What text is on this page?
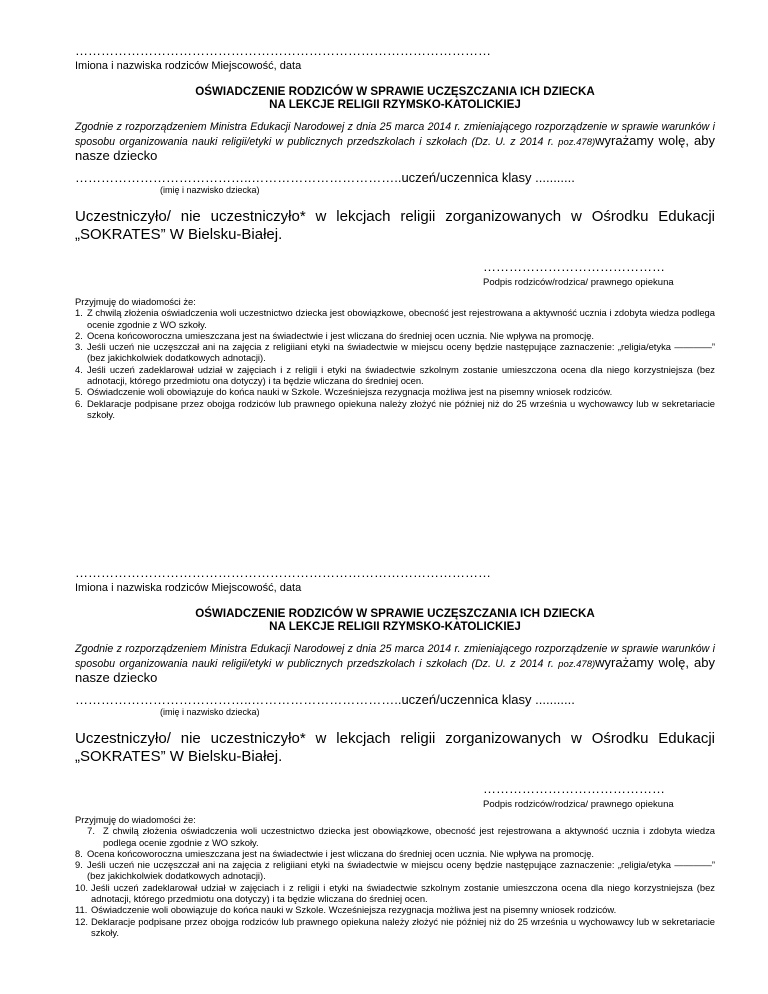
……………………………………………………………………………………
Imiona i nazwiska rodziców Miejscowość, data
OŚWIADCZENIE RODZICÓW W SPRAWIE UCZĘSZCZANIA ICH DZIECKA
NA LEKCJE RELIGII RZYMSKO-KATOLICKIEJ
Zgodnie z rozporządzeniem Ministra Edukacji Narodowej z dnia 25 marca 2014 r. zmieniającego rozporządzenie w sprawie warunków i sposobu organizowania nauki religii/etyki w publicznych przedszkolach i szkołach (Dz. U. z 2014 r. poz.478)wyrażamy wolę, aby nasze dziecko
…………………………………..……………………………..uczeń/uczennica klasy ...........
(imię i nazwisko dziecka)
Uczestniczyło/ nie uczestniczyło* w lekcjach religii zorganizowanych w Ośrodku Edukacji „SOKRATES” W Bielsku-Białej.
……………………………………
Podpis rodziców/rodzica/ prawnego opiekuna
Przyjmuję do wiadomości że:
1. Z chwilą złożenia oświadczenia woli uczestnictwo dziecka jest obowiązkowe, obecność jest rejestrowana a aktywność ucznia i zdobyta wiedza podlega ocenie zgodnie z WO szkoły.
2. Ocena końcoworoczna umieszczana jest na świadectwie i jest wliczana do średniej ocen ucznia. Nie wpływa na promocję.
3. Jeśli uczeń nie uczęszczał ani na zajęcia z religiiani etyki na świadectwie w miejscu oceny będzie następujące zaznaczenie: „religia/etyka ————” (bez jakichkolwiek dodatkowych adnotacji).
4. Jeśli uczeń zadeklarował udział w zajęciach i z religii i etyki na świadectwie szkolnym zostanie umieszczona ocena dla niego korzystniejsza (bez adnotacji, którego przedmiotu ona dotyczy) i ta będzie wliczana do średniej ocen.
5. Oświadczenie woli obowiązuje do końca nauki w Szkole. Wcześniejsza rezygnacja możliwa jest na pisemny wniosek rodziców.
6. Deklaracje podpisane przez obojga rodziców lub prawnego opiekuna należy złożyć nie później niż do 25 września u wychowawcy lub w sekretariacie szkoły.
……………………………………………………………………………………
Imiona i nazwiska rodziców Miejscowość, data
OŚWIADCZENIE RODZICÓW W SPRAWIE UCZĘSZCZANIA ICH DZIECKA
NA LEKCJE RELIGII RZYMSKO-KATOLICKIEJ
Zgodnie z rozporządzeniem Ministra Edukacji Narodowej z dnia 25 marca 2014 r. zmieniającego rozporządzenie w sprawie warunków i sposobu organizowania nauki religii/etyki w publicznych przedszkolach i szkołach (Dz. U. z 2014 r. poz.478)wyrażamy wolę, aby nasze dziecko
…………………………………..……………………………..uczeń/uczennica klasy ...........
(imię i nazwisko dziecka)
Uczestniczyło/ nie uczestniczyło* w lekcjach religii zorganizowanych w Ośrodku Edukacji „SOKRATES” W Bielsku-Białej.
……………………………………
Podpis rodziców/rodzica/ prawnego opiekuna
Przyjmuję do wiadomości że:
7. Z chwilą złożenia oświadczenia woli uczestnictwo dziecka jest obowiązkowe, obecność jest rejestrowana a aktywność ucznia i zdobyta wiedza podlega ocenie zgodnie z WO szkoły.
8. Ocena końcoworoczna umieszczana jest na świadectwie i jest wliczana do średniej ocen ucznia. Nie wpływa na promocję.
9. Jeśli uczeń nie uczęszczał ani na zajęcia z religiiani etyki na świadectwie w miejscu oceny będzie następujące zaznaczenie: „religia/etyka ————” (bez jakichkolwiek dodatkowych adnotacji).
10. Jeśli uczeń zadeklarował udział w zajęciach i z religii i etyki na świadectwie szkolnym zostanie umieszczona ocena dla niego korzystniejsza (bez adnotacji, którego przedmiotu ona dotyczy) i ta będzie wliczana do średniej ocen.
11. Oświadczenie woli obowiązuje do końca nauki w Szkole. Wcześniejsza rezygnacja możliwa jest na pisemny wniosek rodziców.
12. Deklaracje podpisane przez obojga rodziców lub prawnego opiekuna należy złożyć nie później niż do 25 września u wychowawcy lub w sekretariacie szkoły.
